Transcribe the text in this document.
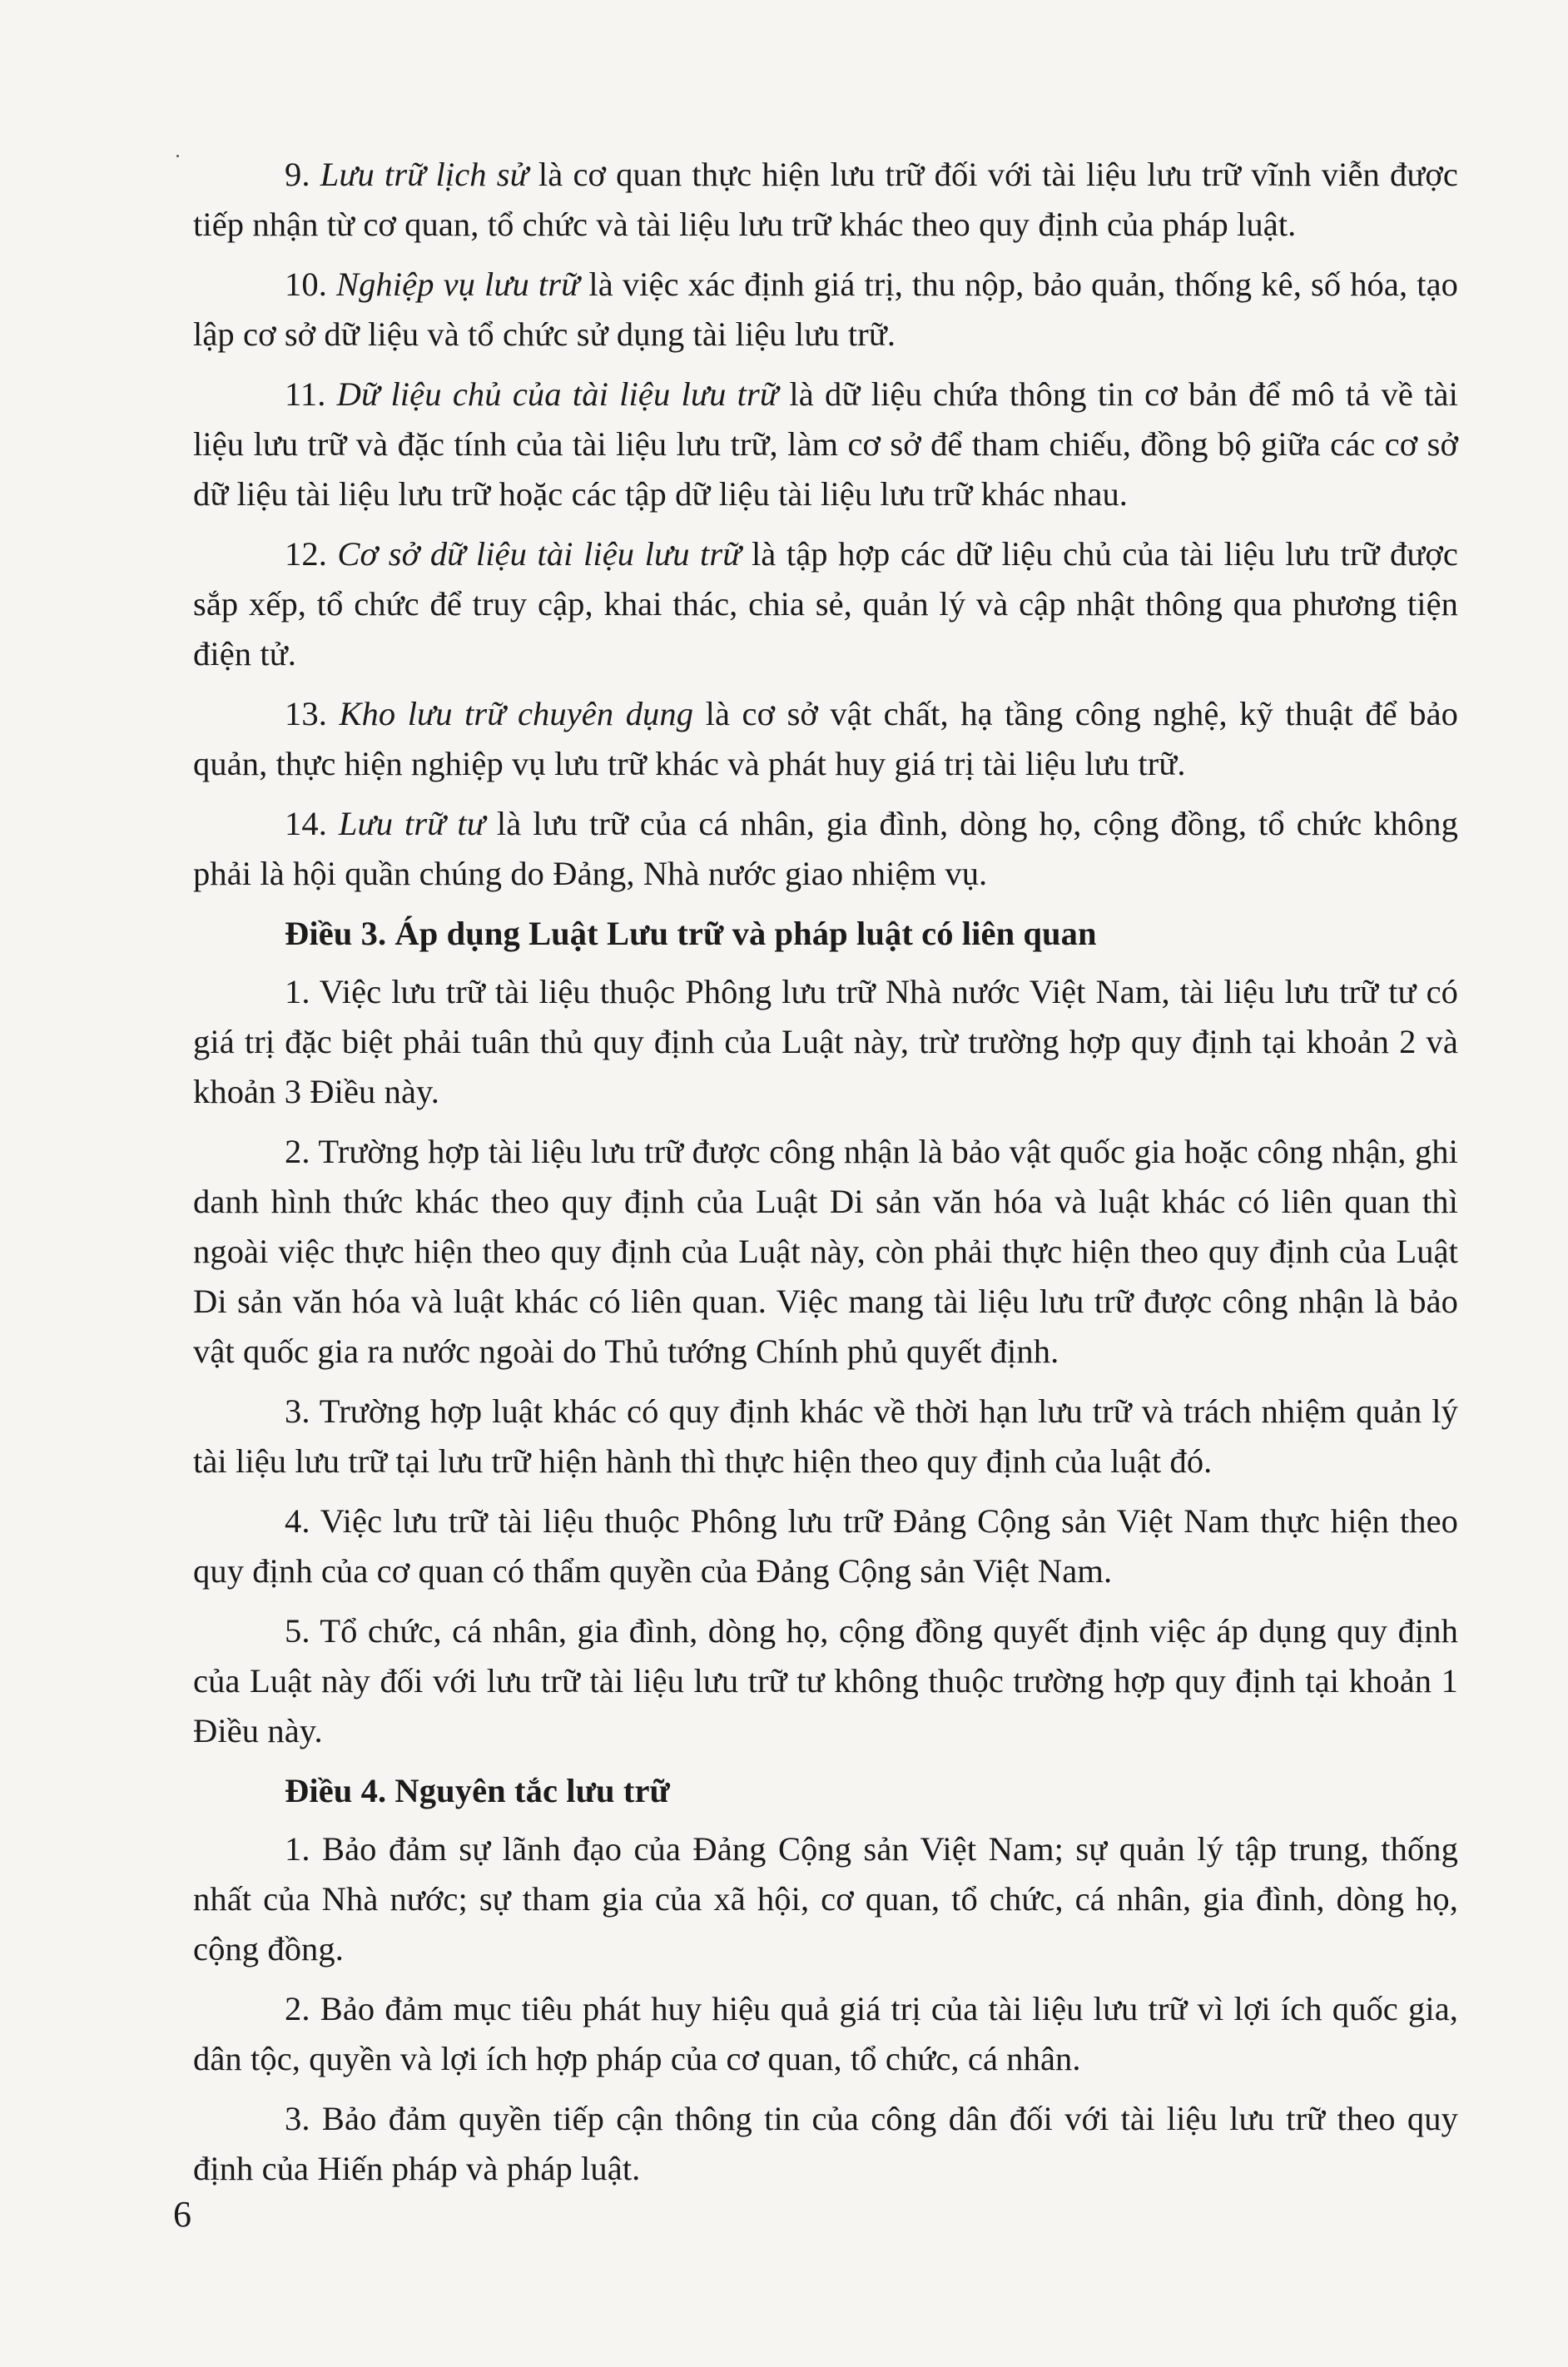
9. Lưu trữ lịch sử là cơ quan thực hiện lưu trữ đối với tài liệu lưu trữ vĩnh viễn được tiếp nhận từ cơ quan, tổ chức và tài liệu lưu trữ khác theo quy định của pháp luật.

10. Nghiệp vụ lưu trữ là việc xác định giá trị, thu nộp, bảo quản, thống kê, số hóa, tạo lập cơ sở dữ liệu và tổ chức sử dụng tài liệu lưu trữ.

11. Dữ liệu chủ của tài liệu lưu trữ là dữ liệu chứa thông tin cơ bản để mô tả về tài liệu lưu trữ và đặc tính của tài liệu lưu trữ, làm cơ sở để tham chiếu, đồng bộ giữa các cơ sở dữ liệu tài liệu lưu trữ hoặc các tập dữ liệu tài liệu lưu trữ khác nhau.

12. Cơ sở dữ liệu tài liệu lưu trữ là tập hợp các dữ liệu chủ của tài liệu lưu trữ được sắp xếp, tổ chức để truy cập, khai thác, chia sẻ, quản lý và cập nhật thông qua phương tiện điện tử.

13. Kho lưu trữ chuyên dụng là cơ sở vật chất, hạ tầng công nghệ, kỹ thuật để bảo quản, thực hiện nghiệp vụ lưu trữ khác và phát huy giá trị tài liệu lưu trữ.

14. Lưu trữ tư là lưu trữ của cá nhân, gia đình, dòng họ, cộng đồng, tổ chức không phải là hội quần chúng do Đảng, Nhà nước giao nhiệm vụ.

Điều 3. Áp dụng Luật Lưu trữ và pháp luật có liên quan

1. Việc lưu trữ tài liệu thuộc Phông lưu trữ Nhà nước Việt Nam, tài liệu lưu trữ tư có giá trị đặc biệt phải tuân thủ quy định của Luật này, trừ trường hợp quy định tại khoản 2 và khoản 3 Điều này.

2. Trường hợp tài liệu lưu trữ được công nhận là bảo vật quốc gia hoặc công nhận, ghi danh hình thức khác theo quy định của Luật Di sản văn hóa và luật khác có liên quan thì ngoài việc thực hiện theo quy định của Luật này, còn phải thực hiện theo quy định của Luật Di sản văn hóa và luật khác có liên quan. Việc mang tài liệu lưu trữ được công nhận là bảo vật quốc gia ra nước ngoài do Thủ tướng Chính phủ quyết định.

3. Trường hợp luật khác có quy định khác về thời hạn lưu trữ và trách nhiệm quản lý tài liệu lưu trữ tại lưu trữ hiện hành thì thực hiện theo quy định của luật đó.

4. Việc lưu trữ tài liệu thuộc Phông lưu trữ Đảng Cộng sản Việt Nam thực hiện theo quy định của cơ quan có thẩm quyền của Đảng Cộng sản Việt Nam.

5. Tổ chức, cá nhân, gia đình, dòng họ, cộng đồng quyết định việc áp dụng quy định của Luật này đối với lưu trữ tài liệu lưu trữ tư không thuộc trường hợp quy định tại khoản 1 Điều này.

Điều 4. Nguyên tắc lưu trữ

1. Bảo đảm sự lãnh đạo của Đảng Cộng sản Việt Nam; sự quản lý tập trung, thống nhất của Nhà nước; sự tham gia của xã hội, cơ quan, tổ chức, cá nhân, gia đình, dòng họ, cộng đồng.

2. Bảo đảm mục tiêu phát huy hiệu quả giá trị của tài liệu lưu trữ vì lợi ích quốc gia, dân tộc, quyền và lợi ích hợp pháp của cơ quan, tổ chức, cá nhân.

3. Bảo đảm quyền tiếp cận thông tin của công dân đối với tài liệu lưu trữ theo quy định của Hiến pháp và pháp luật.

6
